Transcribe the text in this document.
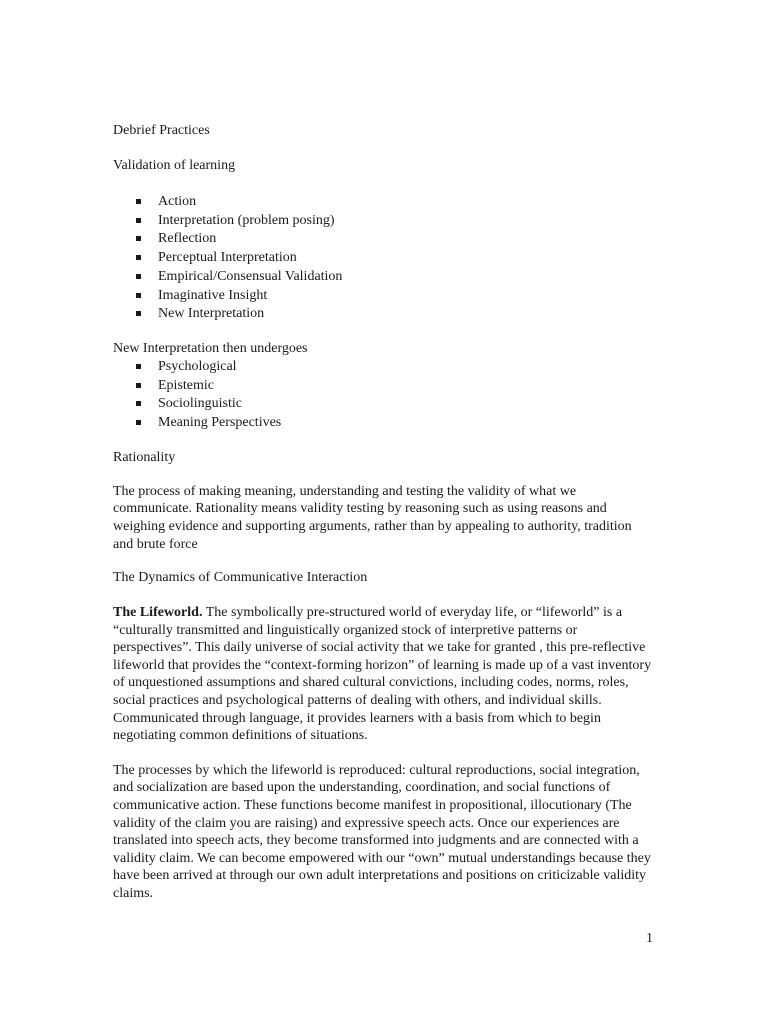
Debrief Practices

Validation of learning

Action
Interpretation (problem posing)
Reflection
Perceptual Interpretation
Empirical/Consensual Validation
Imaginative Insight
New Interpretation

New Interpretation then undergoes

Psychological
Epistemic
Sociolinguistic
Meaning Perspectives

Rationality

The process of making meaning, understanding and testing the validity of what we communicate. Rationality means validity testing by reasoning such as using reasons and weighing evidence and supporting arguments, rather than by appealing to authority, tradition and brute force

The Dynamics of Communicative Interaction

The Lifeworld. The symbolically pre-structured world of everyday life, or “lifeworld” is a “culturally transmitted and linguistically organized stock of interpretive patterns or perspectives”. This daily universe of social activity that we take for granted , this pre-reflective lifeworld that provides the “context-forming horizon” of learning is made up of a vast inventory of unquestioned assumptions and shared cultural convictions, including codes, norms, roles, social practices and psychological patterns of dealing with others, and individual skills. Communicated through language, it provides learners with a basis from which to begin negotiating common definitions of situations.

The processes by which the lifeworld is reproduced: cultural reproductions, social integration, and socialization are based upon the understanding, coordination, and social functions of communicative action. These functions become manifest in propositional, illocutionary (The validity of the claim you are raising) and expressive speech acts. Once our experiences are translated into speech acts, they become transformed into judgments and are connected with a validity claim. We can become empowered with our “own” mutual understandings because they have been arrived at through our own adult interpretations and positions on criticizable validity claims.

1
